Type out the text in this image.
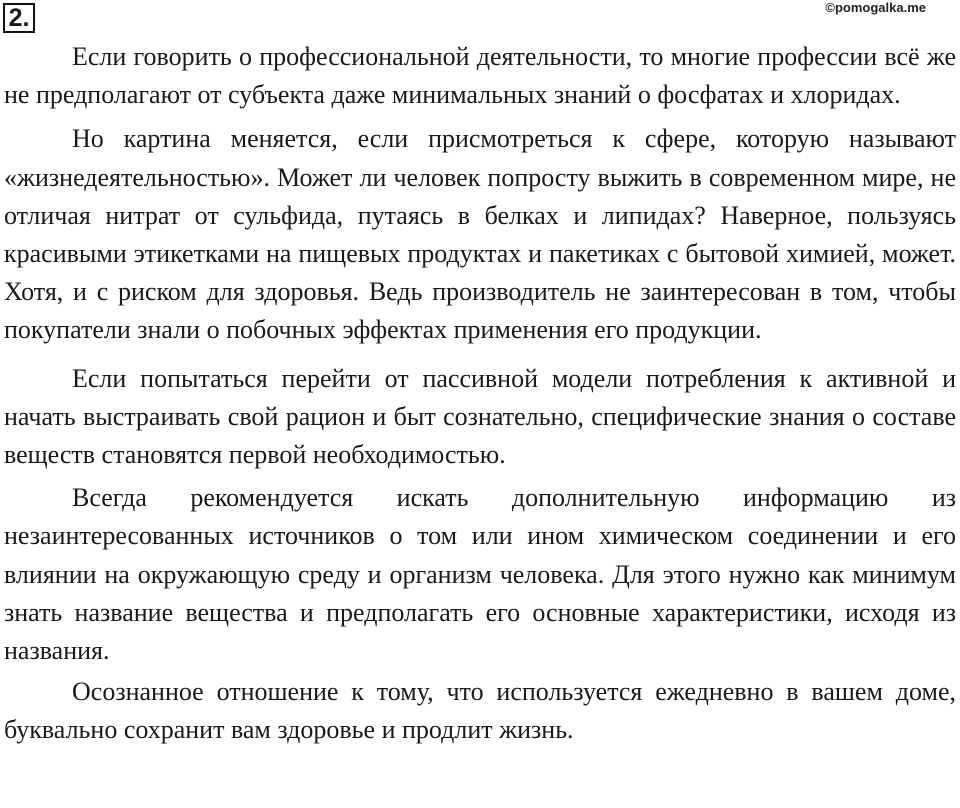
2.	©pomogalka.me

Если говорить о профессиональной деятельности, то многие профессии всё же не предполагают от субъекта даже минимальных знаний о фосфатах и хлоридах.

Но картина меняется, если присмотреться к сфере, которую называют «жизнедеятельностью». Может ли человек попросту выжить в современном мире, не отличая нитрат от сульфида, путаясь в белках и липидах? Наверное, пользуясь красивыми этикетками на пищевых продуктах и пакетиках с бытовой химией, может. Хотя, и с риском для здоровья. Ведь производитель не заинтересован в том, чтобы покупатели знали о побочных эффектах применения его продукции.

Если попытаться перейти от пассивной модели потребления к активной и начать выстраивать свой рацион и быт сознательно, специфические знания о составе веществ становятся первой необходимостью.

Всегда рекомендуется искать дополнительную информацию из незаинтересованных источников о том или ином химическом соединении и его влиянии на окружающую среду и организм человека. Для этого нужно как минимум знать название вещества и предполагать его основные характеристики, исходя из названия.

Осознанное отношение к тому, что используется ежедневно в вашем доме, буквально сохранит вам здоровье и продлит жизнь.
